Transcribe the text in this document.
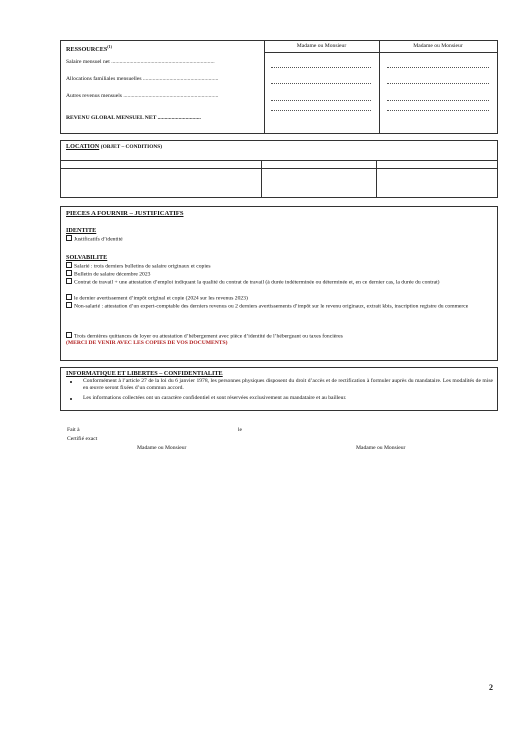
RESSOURCES$^{(1)}$	Madame ou Monsieur	Madame ou Monsieur
Salaire mensuel net ..........................................................................
Allocations familiales mensuelles ......................................................
Autres revenus mensuels ....................................................................
REVENU GLOBAL MENSUEL NET ...............................
LOCATION (OBJET – CONDITIONS)
PIECES A FOURNIR – JUSTIFICATIFS
IDENTITE
Justificatifs d’identité
SOLVABILITE
Salarié : trois derniers bulletins de salaire originaux et copies
Bulletin de salaire décembre 2023
Contrat de travail + une attestation d’emploi indiquant la qualité du contrat de travail (à durée indéterminée ou déterminée et, en ce dernier cas, la durée du contrat)
le dernier avertissement d’impôt original et copie (2024 sur les revenus 2023)
Non-salarié : attestation d’un expert-comptable des derniers revenus ou 2 derniers avertissements d’impôt sur le revenu originaux, extrait kbis, inscription registre du commerce
Trois dernières quittances de loyer ou attestation d’hébergement avec pièce d’identité de l’hébergeant ou taxes foncières
(MERCI DE VENIR AVEC LES COPIES DE VOS DOCUMENTS)
INFORMATIQUE ET LIBERTES – CONFIDENTIALITE
Conformément à l’article 27 de la loi du 6 janvier 1978, les personnes physiques disposent du droit d’accès et de rectification à formuler auprès du mandataire. Les modalités de mise en œuvre seront fixées d’un commun accord.
Les informations collectées ont un caractère confidentiel et sont réservées exclusivement au mandataire et au bailleur.
Fait à	le
Certifié exact
Madame ou Monsieur	Madame ou Monsieur
2
